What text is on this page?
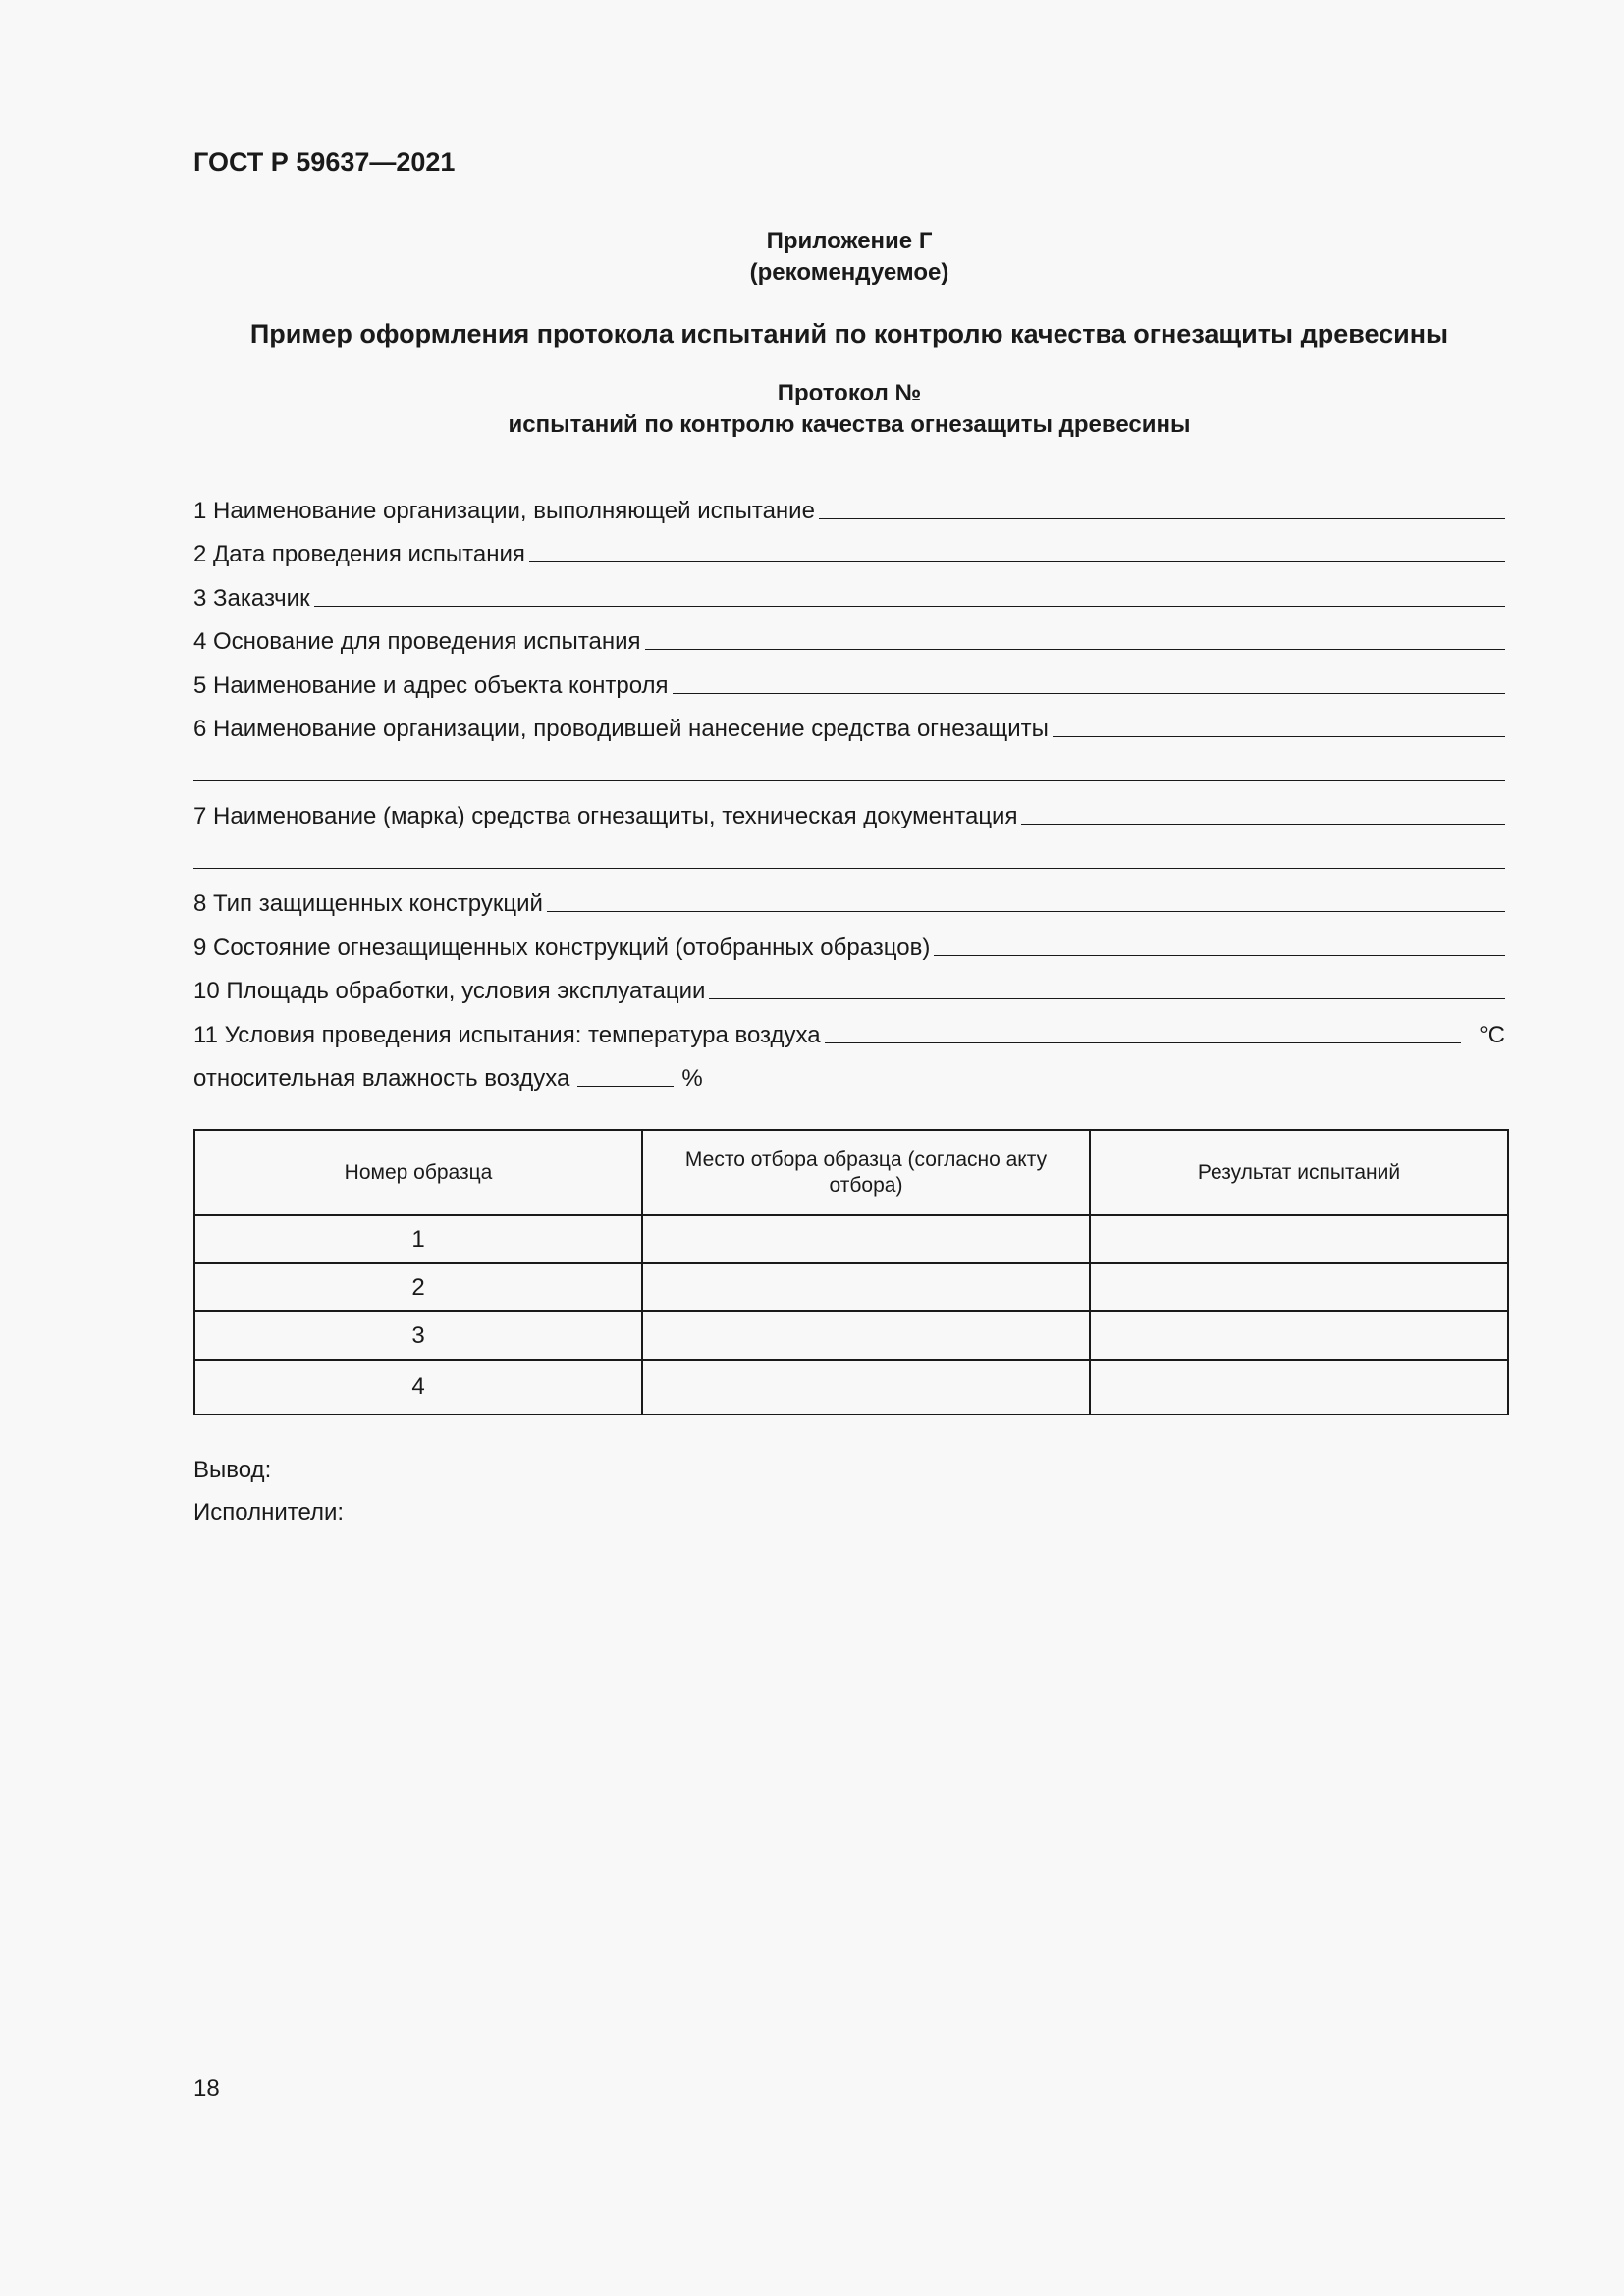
ГОСТ Р 59637—2021

Приложение Г
(рекомендуемое)
Пример оформления протокола испытаний по контролю качества огнезащиты древесины
Протокол №
испытаний по контролю качества огнезащиты древесины
1 Наименование организации, выполняющей испытание
2 Дата проведения испытания
3 Заказчик
4 Основание для проведения испытания
5 Наименование и адрес объекта контроля
6 Наименование организации, проводившей нанесение средства огнезащиты
7 Наименование (марка) средства огнезащиты, техническая документация
8 Тип защищенных конструкций
9 Состояние огнезащищенных конструкций (отобранных образцов)
10 Площадь обработки, условия эксплуатации
11 Условия проведения испытания: температура воздуха	°С
относительная влажность воздуха	%
Номер образца	Место отбора образца (согласно акту отбора)	Результат испытаний
1		
2		
3		
4		

Вывод:

Исполнители:

18
